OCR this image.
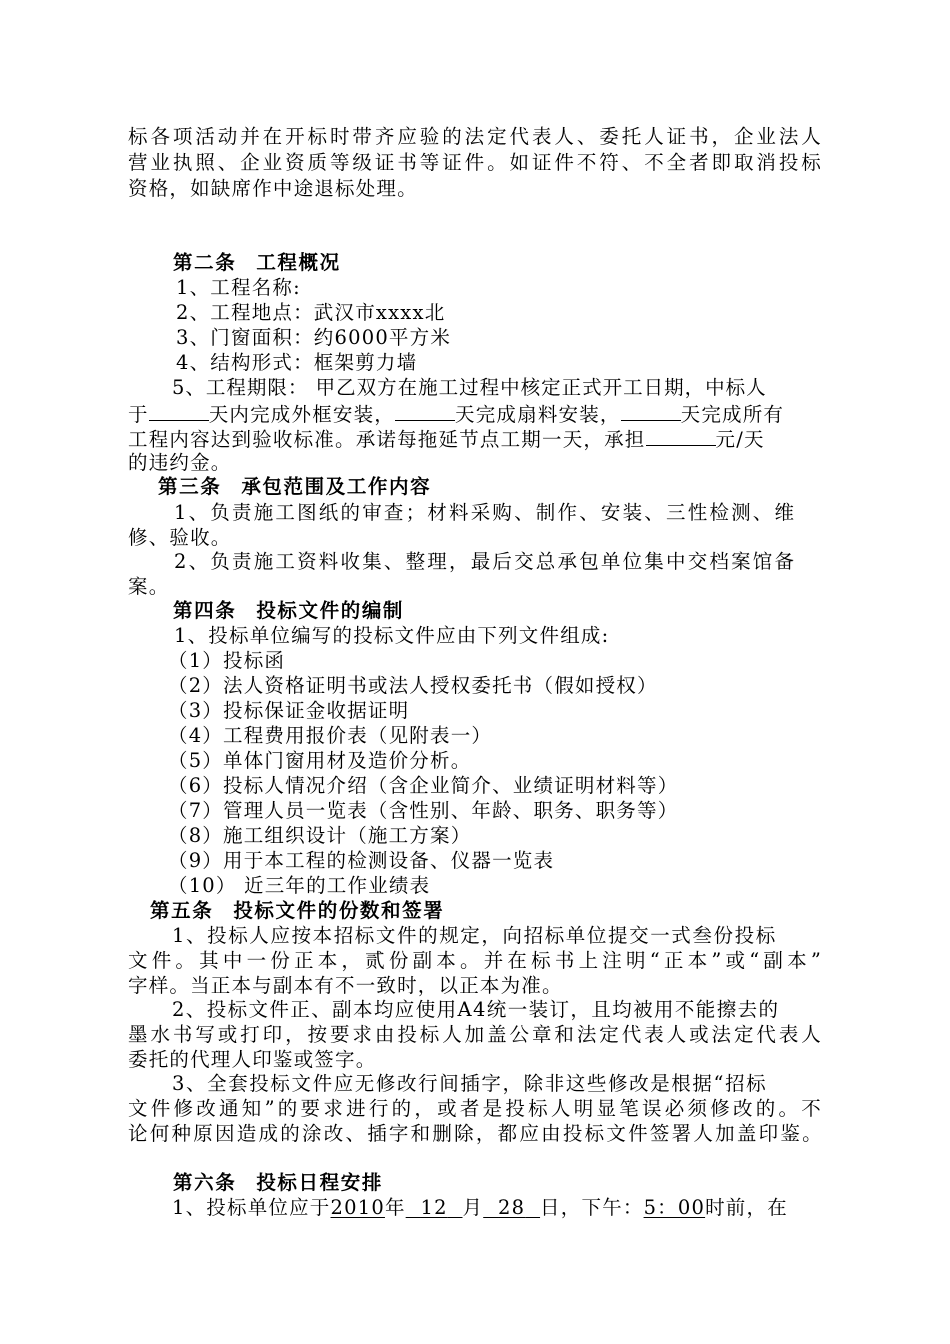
标各项活动并在开标时带齐应验的法定代表人、委托人证书，企业法人
营业执照、企业资质等级证书等证件。如证件不符、不全者即取消投标
资格，如缺席作中途退标处理。
第二条 工程概况
1、工程名称:
2、工程地点：武汉市xxxx北
3、门窗面积：约6000平方米
4、结构形式：框架剪力墙
5、工程期限： 甲乙双方在施工过程中核定正式开工日期，中标人
于	天内完成外框安装，	天完成扇料安装，	天完成所有
工程内容达到验收标准。承诺每拖延节点工期一天，承担	元/天
的违约金。
第三条 承包范围及工作内容
1、负责施工图纸的审查；材料采购、制作、安装、三性检测、维
修、验收。
2、负责施工资料收集、整理，最后交总承包单位集中交档案馆备
案。
第四条 投标文件的编制
1、投标单位编写的投标文件应由下列文件组成:
（1）投标函
（2）法人资格证明书或法人授权委托书（假如授权）
（3）投标保证金收据证明
（4）工程费用报价表（见附表一）
（5）单体门窗用材及造价分析。
（6）投标人情况介绍（含企业简介、业绩证明材料等）
（7）管理人员一览表（含性别、年龄、职务、职务等）
（8）施工组织设计（施工方案）
（9）用于本工程的检测设备、仪器一览表
（10） 近三年的工作业绩表
第五条 投标文件的份数和签署
1、投标人应按本招标文件的规定，向招标单位提交一式叁份投标
文件。其中一份正本，贰份副本。并在标书上注明“正本”或“副本”
字样。当正本与副本有不一致时，以正本为准。
2、投标文件正、副本均应使用A4统一装订，且均被用不能擦去的
墨水书写或打印，按要求由投标人加盖公章和法定代表人或法定代表人
委托的代理人印鉴或签字。
3、全套投标文件应无修改行间插字，除非这些修改是根据“招标
文件修改通知”的要求进行的，或者是投标人明显笔误必须修改的。不
论何种原因造成的涂改、插字和删除，都应由投标文件签署人加盖印鉴。
第六条 投标日程安排
1、投标单位应于2010年 12 月 28 日，下午：5：00时前，在
